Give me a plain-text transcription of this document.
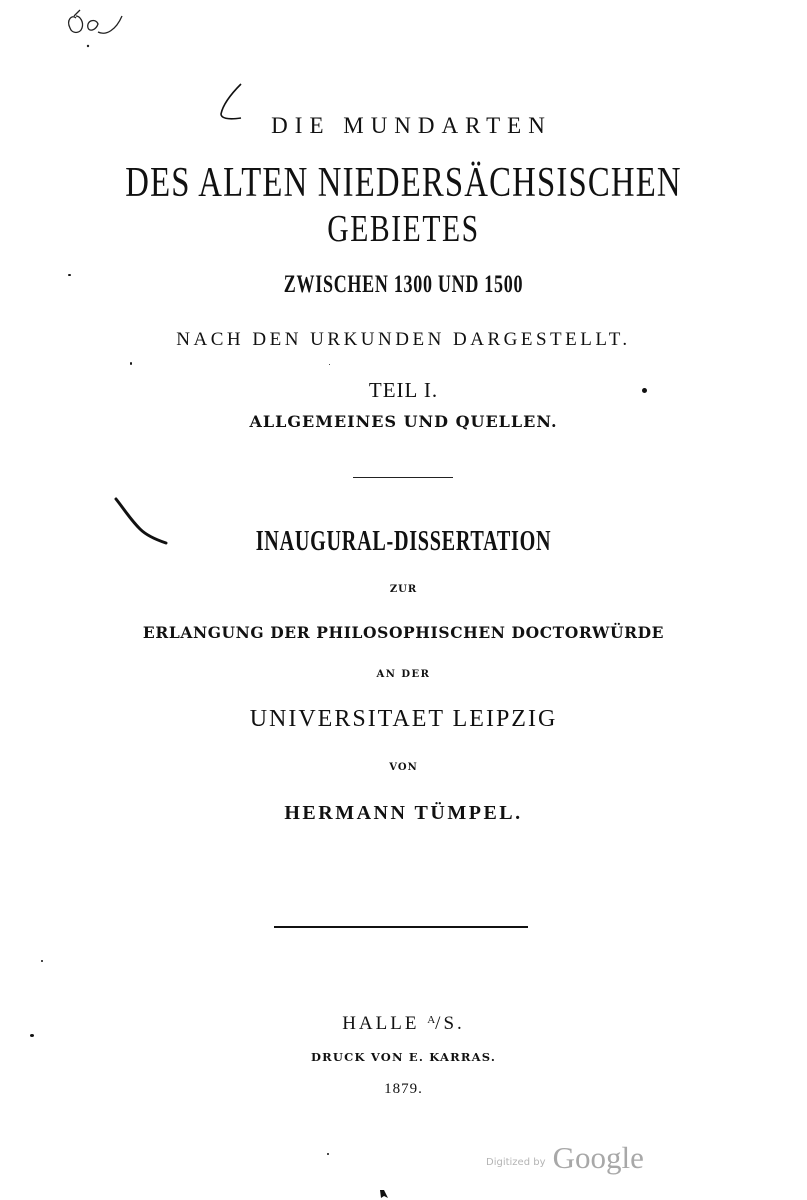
DIE MUNDARTEN
DES ALTEN NIEDERSÄCHSISCHEN
GEBIETES
ZWISCHEN 1300 UND 1500
NACH DEN URKUNDEN DARGESTELLT.
TEIL I.
ALLGEMEINES UND QUELLEN.
INAUGURAL-DISSERTATION
ZUR
ERLANGUNG DER PHILOSOPHISCHEN DOCTORWÜRDE
AN DER
UNIVERSITAET LEIPZIG
VON
HERMANN TÜMPEL.
HALLE $^A$/S.
DRUCK VON E. KARRAS.
1879.
Digitized by Google
